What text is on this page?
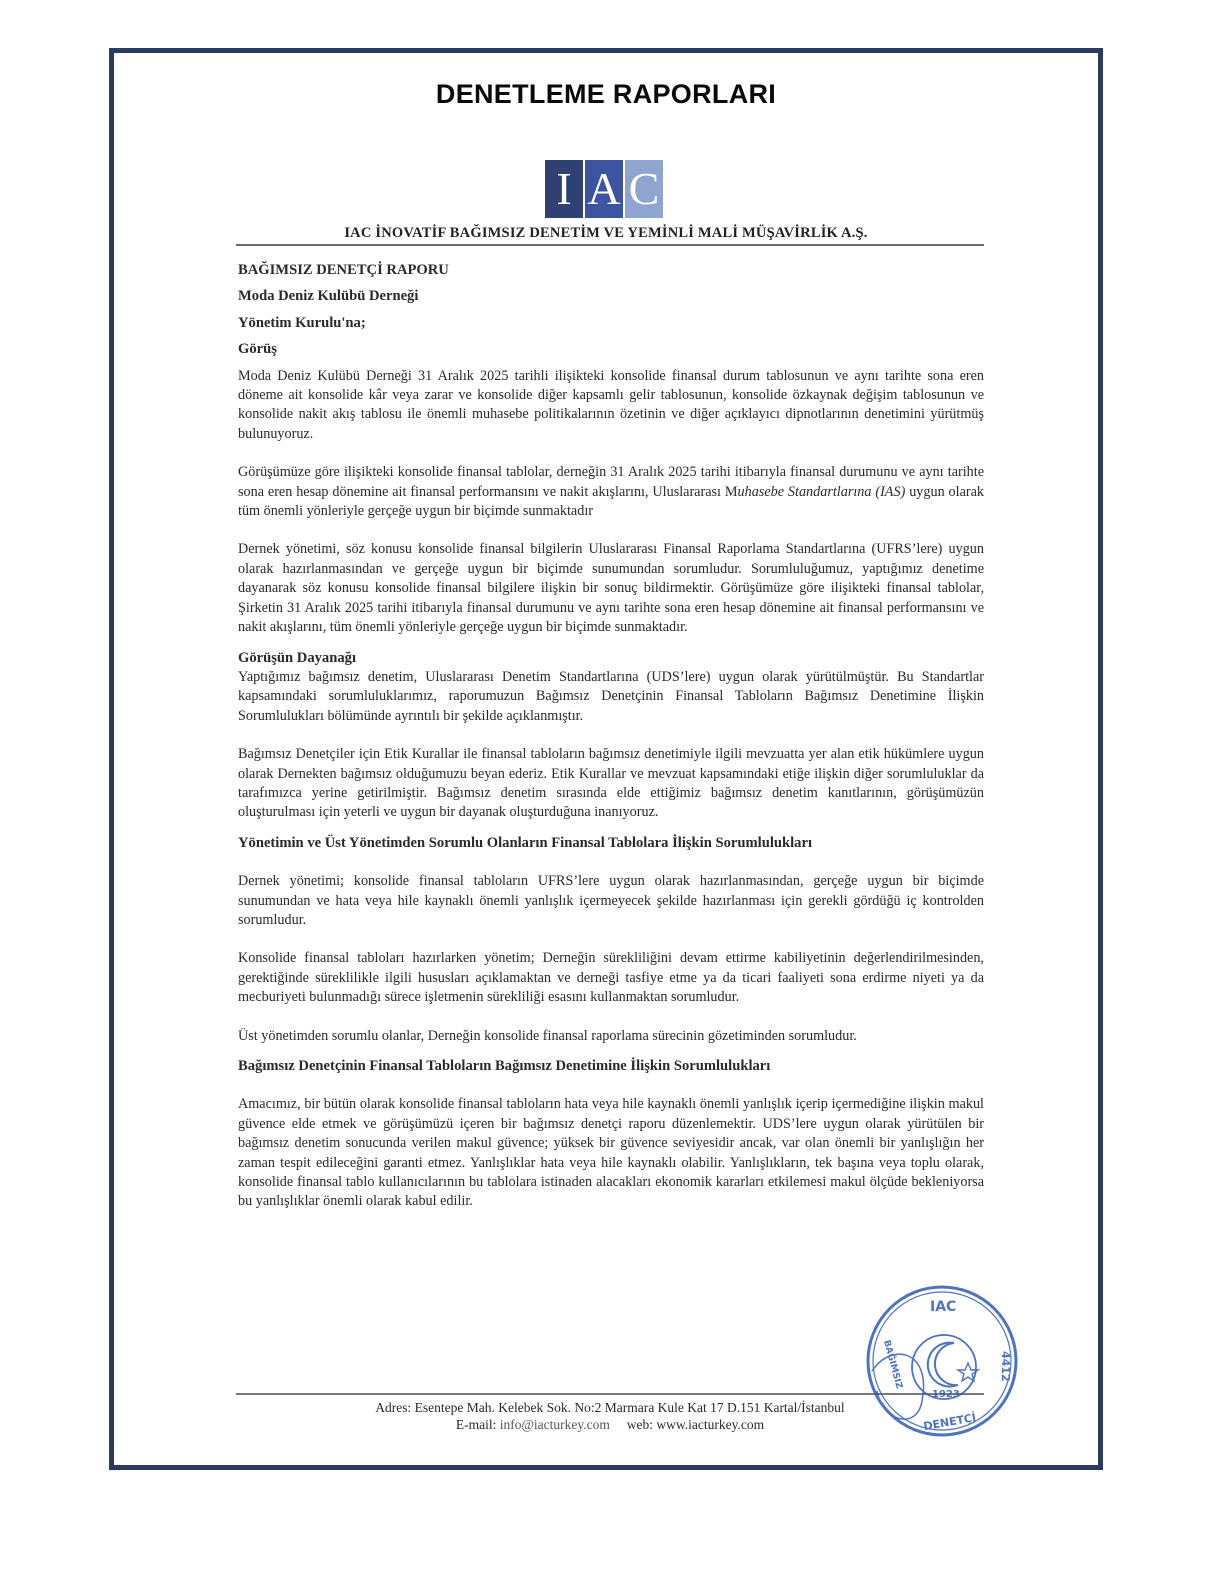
DENETLEME RAPORLARI
I A C
IAC İNOVATİF BAĞIMSIZ DENETİM VE YEMİNLİ MALİ MÜŞAVİRLİK A.Ş.
BAĞIMSIZ DENETÇİ RAPORU
Moda Deniz Kulübü Derneği
Yönetim Kurulu'na;
Görüş

Moda Deniz Kulübü Derneği 31 Aralık 2025 tarihli ilişikteki konsolide finansal durum tablosunun ve aynı tarihte sona eren döneme ait konsolide kâr veya zarar ve konsolide diğer kapsamlı gelir tablosunun, konsolide özkaynak değişim tablosunun ve konsolide nakit akış tablosu ile önemli muhasebe politikalarının özetinin ve diğer açıklayıcı dipnotlarının denetimini yürütmüş bulunuyoruz.

Görüşümüze göre ilişikteki konsolide finansal tablolar, derneğin 31 Aralık 2025 tarihi itibarıyla finansal durumunu ve aynı tarihte sona eren hesap dönemine ait finansal performansını ve nakit akışlarını, Uluslararası Muhasebe Standartlarına (IAS) uygun olarak tüm önemli yönleriyle gerçeğe uygun bir biçimde sunmaktadır

Dernek yönetimi, söz konusu konsolide finansal bilgilerin Uluslararası Finansal Raporlama Standartlarına (UFRS’lere) uygun olarak hazırlanmasından ve gerçeğe uygun bir biçimde sunumundan sorumludur. Sorumluluğumuz, yaptığımız denetime dayanarak söz konusu konsolide finansal bilgilere ilişkin bir sonuç bildirmektir. Görüşümüze göre ilişikteki finansal tablolar, Şirketin 31 Aralık 2025 tarihi itibarıyla finansal durumunu ve aynı tarihte sona eren hesap dönemine ait finansal performansını ve nakit akışlarını, tüm önemli yönleriyle gerçeğe uygun bir biçimde sunmaktadır.

Görüşün Dayanağı

Yaptığımız bağımsız denetim, Uluslararası Denetim Standartlarına (UDS’lere) uygun olarak yürütülmüştür. Bu Standartlar kapsamındaki sorumluluklarımız, raporumuzun Bağımsız Denetçinin Finansal Tabloların Bağımsız Denetimine İlişkin Sorumlulukları bölümünde ayrıntılı bir şekilde açıklanmıştır.

Bağımsız Denetçiler için Etik Kurallar ile finansal tabloların bağımsız denetimiyle ilgili mevzuatta yer alan etik hükümlere uygun olarak Dernekten bağımsız olduğumuzu beyan ederiz. Etik Kurallar ve mevzuat kapsamındaki etiğe ilişkin diğer sorumluluklar da tarafımızca yerine getirilmiştir. Bağımsız denetim sırasında elde ettiğimiz bağımsız denetim kanıtlarının, görüşümüzün oluşturulması için yeterli ve uygun bir dayanak oluşturduğuna inanıyoruz.

Yönetimin ve Üst Yönetimden Sorumlu Olanların Finansal Tablolara İlişkin Sorumlulukları

Dernek yönetimi; konsolide finansal tabloların UFRS’lere uygun olarak hazırlanmasından, gerçeğe uygun bir biçimde sunumundan ve hata veya hile kaynaklı önemli yanlışlık içermeyecek şekilde hazırlanması için gerekli gördüğü iç kontrolden sorumludur.

Konsolide finansal tabloları hazırlarken yönetim; Derneğin sürekliliğini devam ettirme kabiliyetinin değerlendirilmesinden, gerektiğinde süreklilikle ilgili hususları açıklamaktan ve derneği tasfiye etme ya da ticari faaliyeti sona erdirme niyeti ya da mecburiyeti bulunmadığı sürece işletmenin sürekliliği esasını kullanmaktan sorumludur.

Üst yönetimden sorumlu olanlar, Derneğin konsolide finansal raporlama sürecinin gözetiminden sorumludur.

Bağımsız Denetçinin Finansal Tabloların Bağımsız Denetimine İlişkin Sorumlulukları

Amacımız, bir bütün olarak konsolide finansal tabloların hata veya hile kaynaklı önemli yanlışlık içerip içermediğine ilişkin makul güvence elde etmek ve görüşümüzü içeren bir bağımsız denetçi raporu düzenlemektir. UDS’lere uygun olarak yürütülen bir bağımsız denetim sonucunda verilen makul güvence; yüksek bir güvence seviyesidir ancak, var olan önemli bir yanlışlığın her zaman tespit edileceğini garanti etmez. Yanlışlıklar hata veya hile kaynaklı olabilir. Yanlışlıkların, tek başına veya toplu olarak, konsolide finansal tablo kullanıcılarının bu tablolara istinaden alacakları ekonomik kararları etkilemesi makul ölçüde bekleniyorsa bu yanlışlıklar önemli olarak kabul edilir.

Adres: Esentepe Mah. Kelebek Sok. No:2 Marmara Kule Kat 17 D.151 Kartal/İstanbul
E-mail: info@iacturkey.com web: www.iacturkey.com
IAC
1923
DENETÇİ
4412
BAĞIMSIZ
